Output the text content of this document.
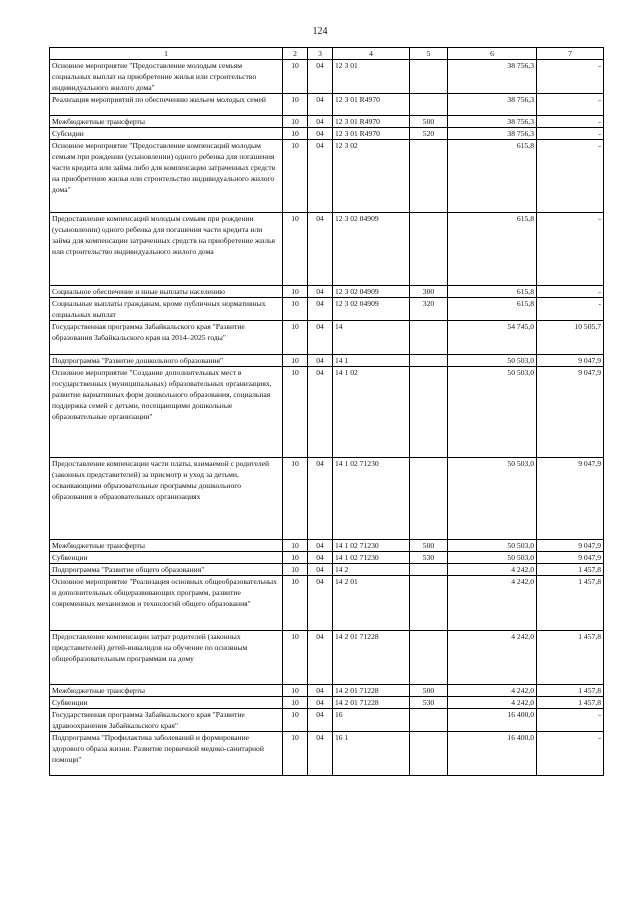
124
1	2	3	4	5	6	7
Основное мероприятие "Предоставление молодым семьям социальных выплат на приобретение жилья или строительство индивидуального жилого дома"	10	04	12 3 01		38 756,3	-
Реализация мероприятий по обеспечению жильем молодых семей	10	04	12 3 01 R4970		38 756,3	-
Межбюджетные трансферты	10	04	12 3 01 R4970	500	38 756,3	-
Субсидии	10	04	12 3 01 R4970	520	38 756,3	-
Основное мероприятие "Предоставление компенсаций молодым семьям при рождении (усыновлении) одного ребенка для погашения части кредита или займа либо для компенсации затраченных средств на приобретение жилья или строительство индивидуального жилого дома"	10	04	12 3 02		615,8	-
Предоставление компенсаций молодым семьям при рождении (усыновлении) одного ребенка для погашения части кредита или займа для компенсации затраченных средств на приобретение жилья или строительство индивидуального жилого дома	10	04	12 3 02 04909		615,8	-
Социальное обеспечение и иные выплаты населению	10	04	12 3 02 04909	300	615,8	-
Социальные выплаты гражданам, кроме публичных нормативных социальных выплат	10	04	12 3 02 04909	320	615,8	-
Государственная программа Забайкальского края "Развитие образования Забайкальского края на 2014–2025 годы"	10	04	14		54 745,0	10 505,7
Подпрограмма "Развитие дошкольного образования"	10	04	14 1		50 503,0	9 047,9
Основное мероприятие "Создание дополнительных мест в государственных (муниципальных) образовательных организациях, развитие вариативных форм дошкольного образования, социальная поддержка семей с детьми, посещающими дошкольные образовательные организации"	10	04	14 1 02		50 503,0	9 047,9
Предоставление компенсации части платы, взимаемой с родителей (законных представителей) за присмотр и уход за детьми, осваивающими образовательные программы дошкольного образования в образовательных организациях	10	04	14 1 02 71230		50 503,0	9 047,9
Межбюджетные трансферты	10	04	14 1 02 71230	500	50 503,0	9 047,9
Субвенции	10	04	14 1 02 71230	530	50 503,0	9 047,9
Подпрограмма "Развитие общего образования"	10	04	14 2		4 242,0	1 457,8
Основное мероприятие "Реализация основных общеобразовательных и дополнительных общеразвивающих программ, развитие современных механизмов и технологий общего образования"	10	04	14 2 01		4 242,0	1 457,8
Предоставление компенсации затрат родителей (законных представителей) детей-инвалидов на обучение по основным общеобразовательным программам на дому	10	04	14 2 01 71228		4 242,0	1 457,8
Межбюджетные трансферты	10	04	14 2 01 71228	500	4 242,0	1 457,8
Субвенции	10	04	14 2 01 71228	530	4 242,0	1 457,8
Государственная программа Забайкальского края "Развитие здравоохранения Забайкальского края"	10	04	16		16 400,0	-
Подпрограмма "Профилактика заболеваний и формирование здорового образа жизни. Развитие первичной медико-санитарной помощи"	10	04	16 1		16 400,0	-
